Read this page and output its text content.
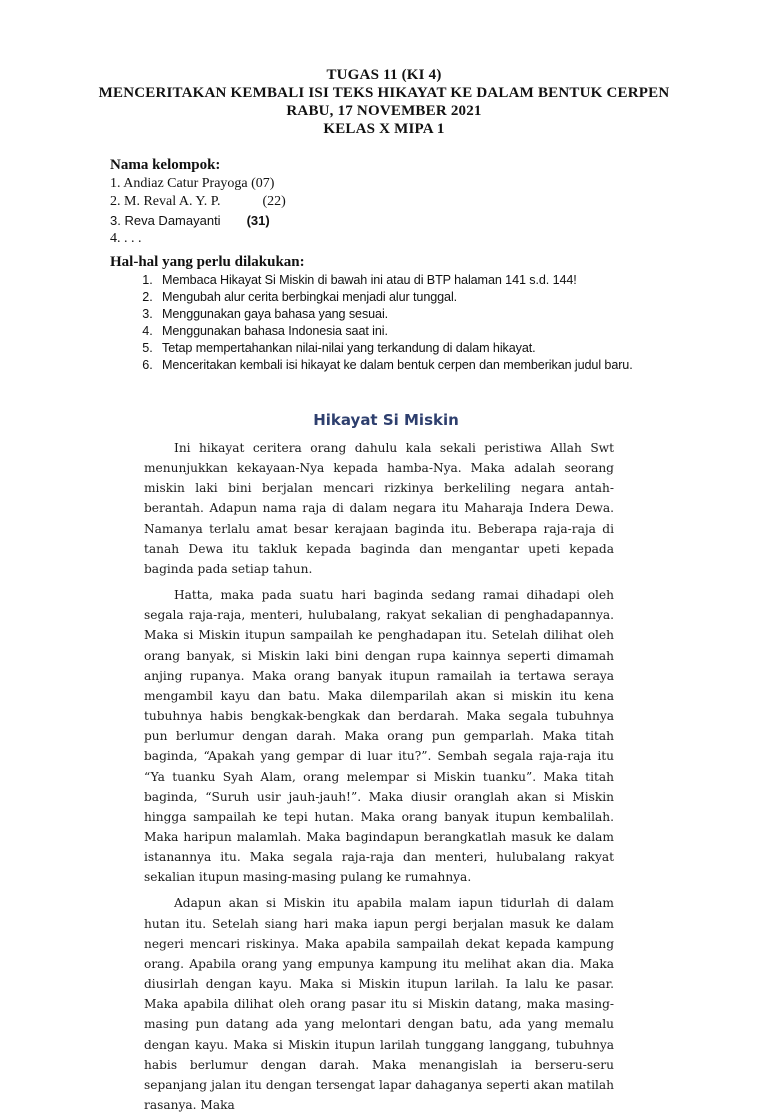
TUGAS 11 (KI 4)
MENCERITAKAN KEMBALI ISI TEKS HIKAYAT KE DALAM BENTUK CERPEN
RABU, 17 NOVEMBER 2021
KELAS X MIPA 1
Nama kelompok:
1. Andiaz Catur Prayoga (07)
2. M. Reval A. Y. P.	(22)
3. Reva Damayanti (31)
4. . . .
Hal-hal yang perlu dilakukan:
1. Membaca Hikayat Si Miskin di bawah ini atau di BTP halaman 141 s.d. 144!
2. Mengubah alur cerita berbingkai menjadi alur tunggal.
3. Menggunakan gaya bahasa yang sesuai.
4. Menggunakan bahasa Indonesia saat ini.
5. Tetap mempertahankan nilai-nilai yang terkandung di dalam hikayat.
6. Menceritakan kembali isi hikayat ke dalam bentuk cerpen dan memberikan judul baru.
Hikayat Si Miskin

Ini hikayat ceritera orang dahulu kala sekali peristiwa Allah Swt menunjukkan kekayaan-Nya kepada hamba-Nya. Maka adalah seorang miskin laki bini berjalan mencari rizkinya berkeliling negara antah-berantah. Adapun nama raja di dalam negara itu Maharaja Indera Dewa. Namanya terlalu amat besar kerajaan baginda itu. Beberapa raja-raja di tanah Dewa itu takluk kepada baginda dan mengantar upeti kepada baginda pada setiap tahun.

Hatta, maka pada suatu hari baginda sedang ramai dihadapi oleh segala raja-raja, menteri, hulubalang, rakyat sekalian di penghadapannya. Maka si Miskin itupun sampailah ke penghadapan itu. Setelah dilihat oleh orang banyak, si Miskin laki bini dengan rupa kainnya seperti dimamah anjing rupanya. Maka orang banyak itupun ramailah ia tertawa seraya mengambil kayu dan batu. Maka dilemparilah akan si miskin itu kena tubuhnya habis bengkak-bengkak dan berdarah. Maka segala tubuhnya pun berlumur dengan darah. Maka orang pun gemparlah. Maka titah baginda, “Apakah yang gempar di luar itu?”. Sembah segala raja-raja itu “Ya tuanku Syah Alam, orang melempar si Miskin tuanku”. Maka titah baginda, “Suruh usir jauh-jauh!”. Maka diusir oranglah akan si Miskin hingga sampailah ke tepi hutan. Maka orang banyak itupun kembalilah. Maka haripun malamlah. Maka bagindapun berangkatlah masuk ke dalam istanannya itu. Maka segala raja-raja dan menteri, hulubalang rakyat sekalian itupun masing-masing pulang ke rumahnya.

Adapun akan si Miskin itu apabila malam iapun tidurlah di dalam hutan itu. Setelah siang hari maka iapun pergi berjalan masuk ke dalam negeri mencari riskinya. Maka apabila sampailah dekat kepada kampung orang. Apabila orang yang empunya kampung itu melihat akan dia. Maka diusirlah dengan kayu. Maka si Miskin itupun larilah. Ia lalu ke pasar. Maka apabila dilihat oleh orang pasar itu si Miskin datang, maka masing-masing pun datang ada yang melontari dengan batu, ada yang memalu dengan kayu. Maka si Miskin itupun larilah tunggang langgang, tubuhnya habis berlumur dengan darah. Maka menangislah ia berseru-seru sepanjang jalan itu dengan tersengat lapar dahaganya seperti akan matilah rasanya. Maka
